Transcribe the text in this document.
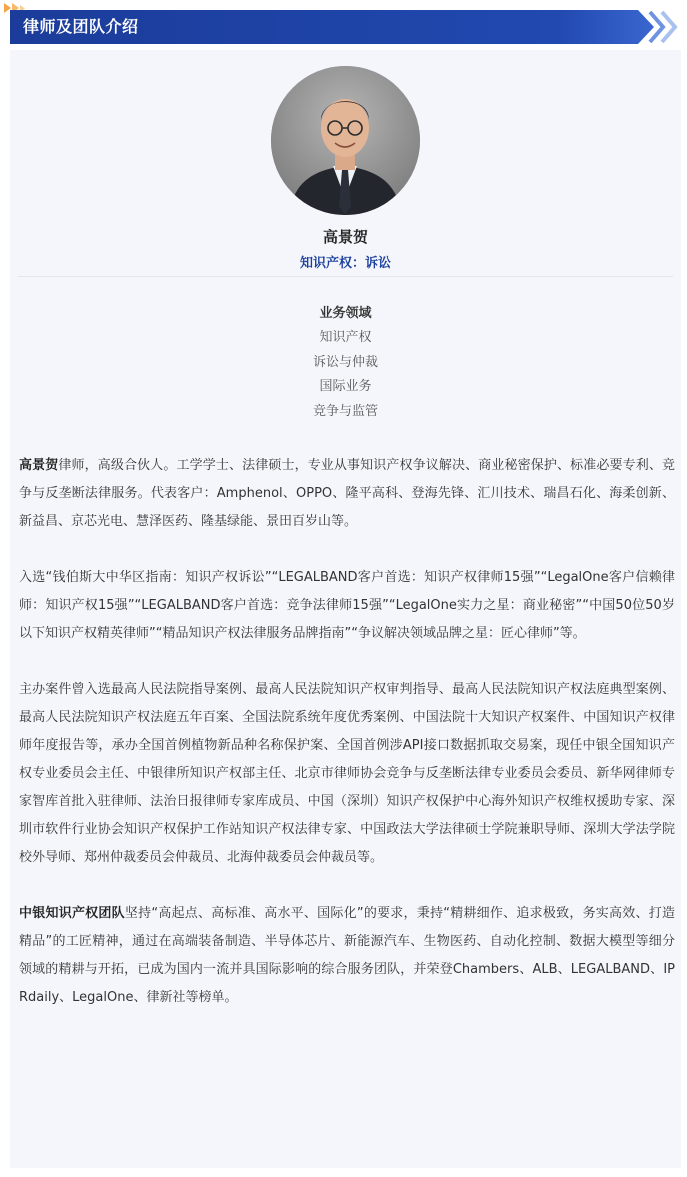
律师及团队介绍
高景贺
知识产权：诉讼
业务领域
知识产权
诉讼与仲裁
国际业务
竞争与监管

高景贺律师，高级合伙人。工学学士、法律硕士，专业从事知识产权争议解决、商业秘密保护、标准必要专利、竞争与反垄断法律服务。代表客户：Amphenol、OPPO、隆平高科、登海先锋、汇川技术、瑞昌石化、海柔创新、新益昌、京芯光电、慧泽医药、隆基绿能、景田百岁山等。

入选“钱伯斯大中华区指南：知识产权诉讼”“LEGALBAND客户首选：知识产权律师15强”“LegalOne客户信赖律师：知识产权15强”“LEGALBAND客户首选：竞争法律师15强”“LegalOne实力之星：商业秘密”“中国50位50岁以下知识产权精英律师”“精品知识产权法律服务品牌指南”“争议解决领域品牌之星：匠心律师”等。

主办案件曾入选最高人民法院指导案例、最高人民法院知识产权审判指导、最高人民法院知识产权法庭典型案例、最高人民法院知识产权法庭五年百案、全国法院系统年度优秀案例、中国法院十大知识产权案件、中国知识产权律师年度报告等，承办全国首例植物新品种名称保护案、全国首例涉API接口数据抓取交易案，现任中银全国知识产权专业委员会主任、中银律所知识产权部主任、北京市律师协会竞争与反垄断法律专业委员会委员、新华网律师专家智库首批入驻律师、法治日报律师专家库成员、中国（深圳）知识产权保护中心海外知识产权维权援助专家、深圳市软件行业协会知识产权保护工作站知识产权法律专家、中国政法大学法律硕士学院兼职导师、深圳大学法学院校外导师、郑州仲裁委员会仲裁员、北海仲裁委员会仲裁员等。

中银知识产权团队坚持“高起点、高标准、高水平、国际化”的要求，秉持“精耕细作、追求极致，务实高效、打造精品”的工匠精神，通过在高端装备制造、半导体芯片、新能源汽车、生物医药、自动化控制、数据大模型等细分领域的精耕与开拓，已成为国内一流并具国际影响的综合服务团队，并荣登Chambers、ALB、LEGALBAND、IPRdaily、LegalOne、律新社等榜单。
